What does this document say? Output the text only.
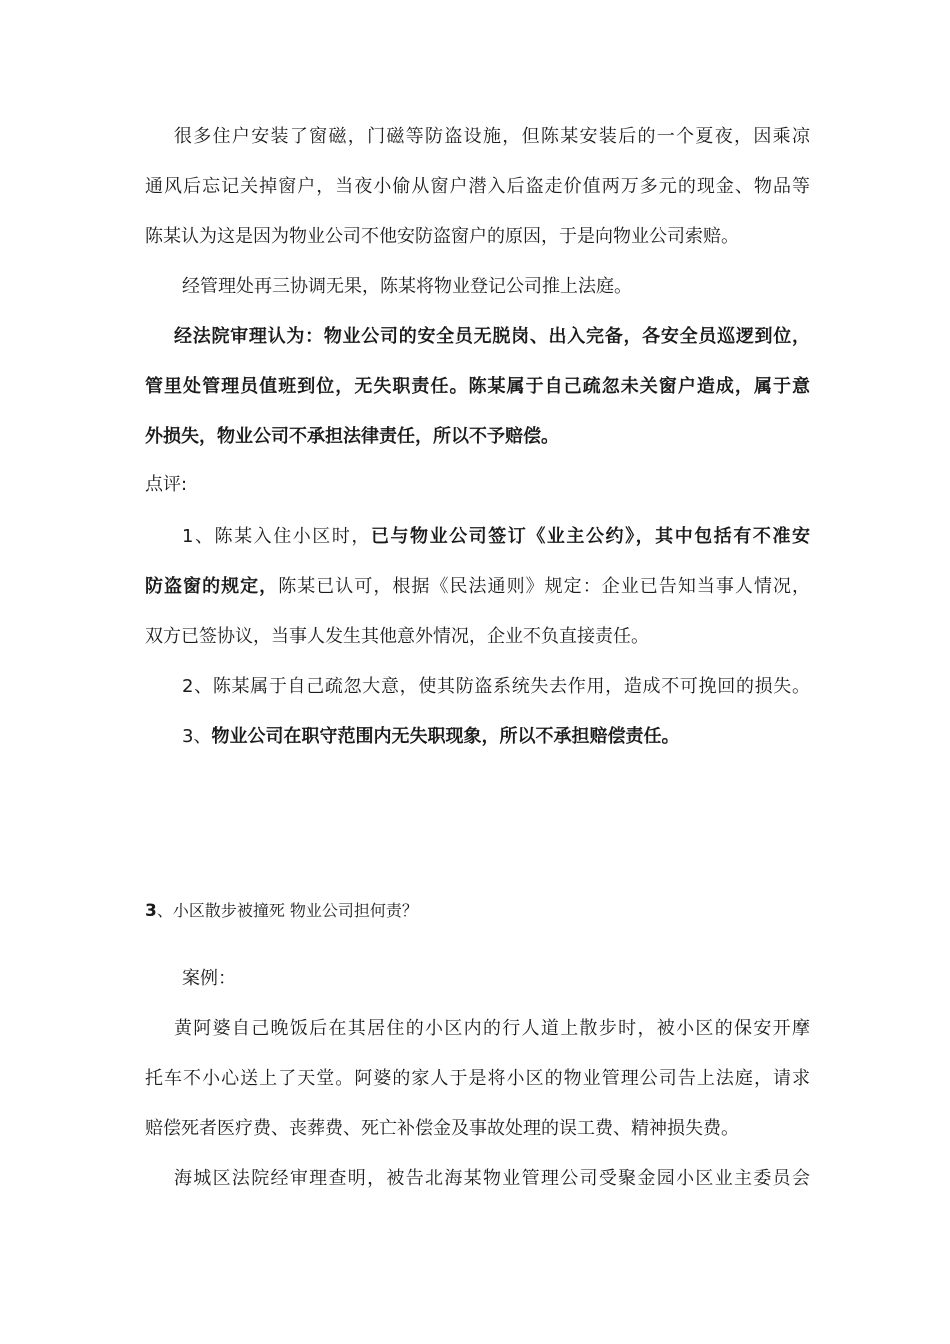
很多住户安装了窗磁，门磁等防盗设施，但陈某安装后的一个夏夜，因乘凉
通风后忘记关掉窗户，当夜小偷从窗户潜入后盗走价值两万多元的现金、物品等
陈某认为这是因为物业公司不他安防盗窗户的原因，于是向物业公司索赔。
经管理处再三协调无果，陈某将物业登记公司推上法庭。
经法院审理认为：物业公司的安全员无脱岗、出入完备，各安全员巡逻到位，
管里处管理员值班到位，无失职责任。陈某属于自己疏忽未关窗户造成，属于意
外损失，物业公司不承担法律责任，所以不予赔偿。
点评:
1、陈某入住小区时，已与物业公司签订《业主公约》，其中包括有不准安
防盗窗的规定，陈某已认可，根据《民法通则》规定：企业已告知当事人情况，
双方已签协议，当事人发生其他意外情况，企业不负直接责任。
2、陈某属于自己疏忽大意，使其防盗系统失去作用，造成不可挽回的损失。
3、物业公司在职守范围内无失职现象，所以不承担赔偿责任。
3、小区散步被撞死 物业公司担何责？
案例：
黄阿婆自己晚饭后在其居住的小区内的行人道上散步时，被小区的保安开摩
托车不小心送上了天堂。阿婆的家人于是将小区的物业管理公司告上法庭，请求
赔偿死者医疗费、丧葬费、死亡补偿金及事故处理的误工费、精神损失费。
海城区法院经审理查明，被告北海某物业管理公司受聚金园小区业主委员会
